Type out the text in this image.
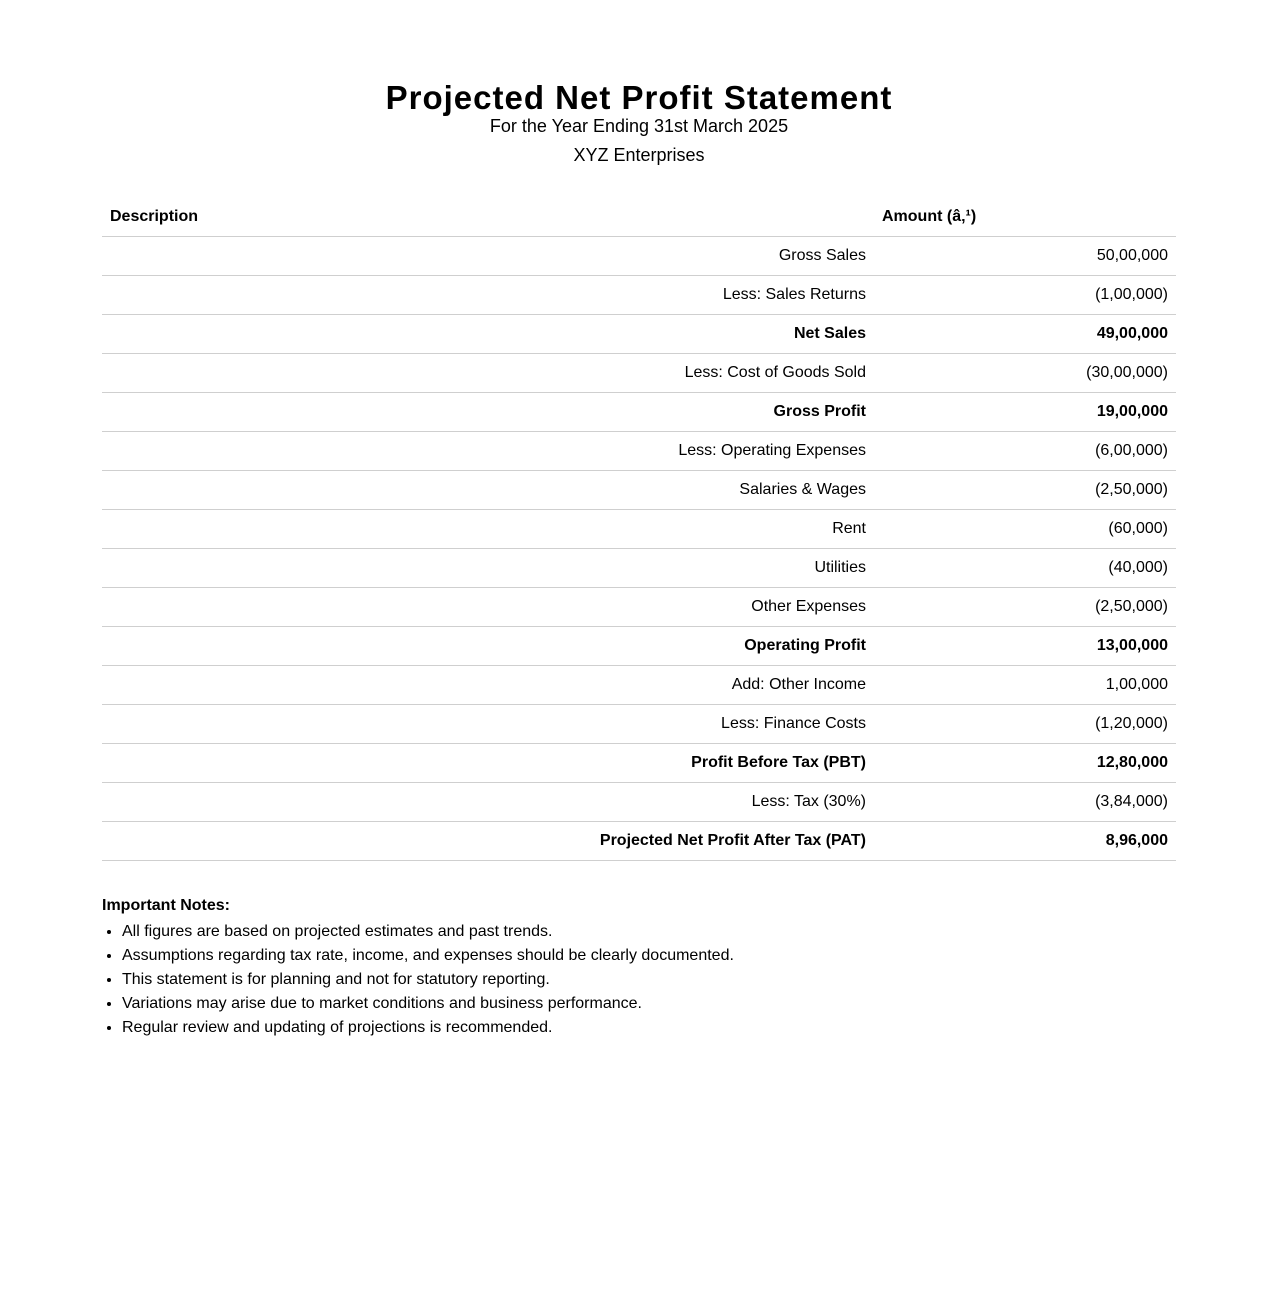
Projected Net Profit Statement
For the Year Ending 31st March 2025
XYZ Enterprises
Description	Amount (â‚¹)
Gross Sales	50,00,000
Less: Sales Returns	(1,00,000)
Net Sales	49,00,000
Less: Cost of Goods Sold	(30,00,000)
Gross Profit	19,00,000
Less: Operating Expenses	(6,00,000)
Salaries & Wages	(2,50,000)
Rent	(60,000)
Utilities	(40,000)
Other Expenses	(2,50,000)
Operating Profit	13,00,000
Add: Other Income	1,00,000
Less: Finance Costs	(1,20,000)
Profit Before Tax (PBT)	12,80,000
Less: Tax (30%)	(3,84,000)
Projected Net Profit After Tax (PAT)	8,96,000
Important Notes:
• All figures are based on projected estimates and past trends.
• Assumptions regarding tax rate, income, and expenses should be clearly documented.
• This statement is for planning and not for statutory reporting.
• Variations may arise due to market conditions and business performance.
• Regular review and updating of projections is recommended.
